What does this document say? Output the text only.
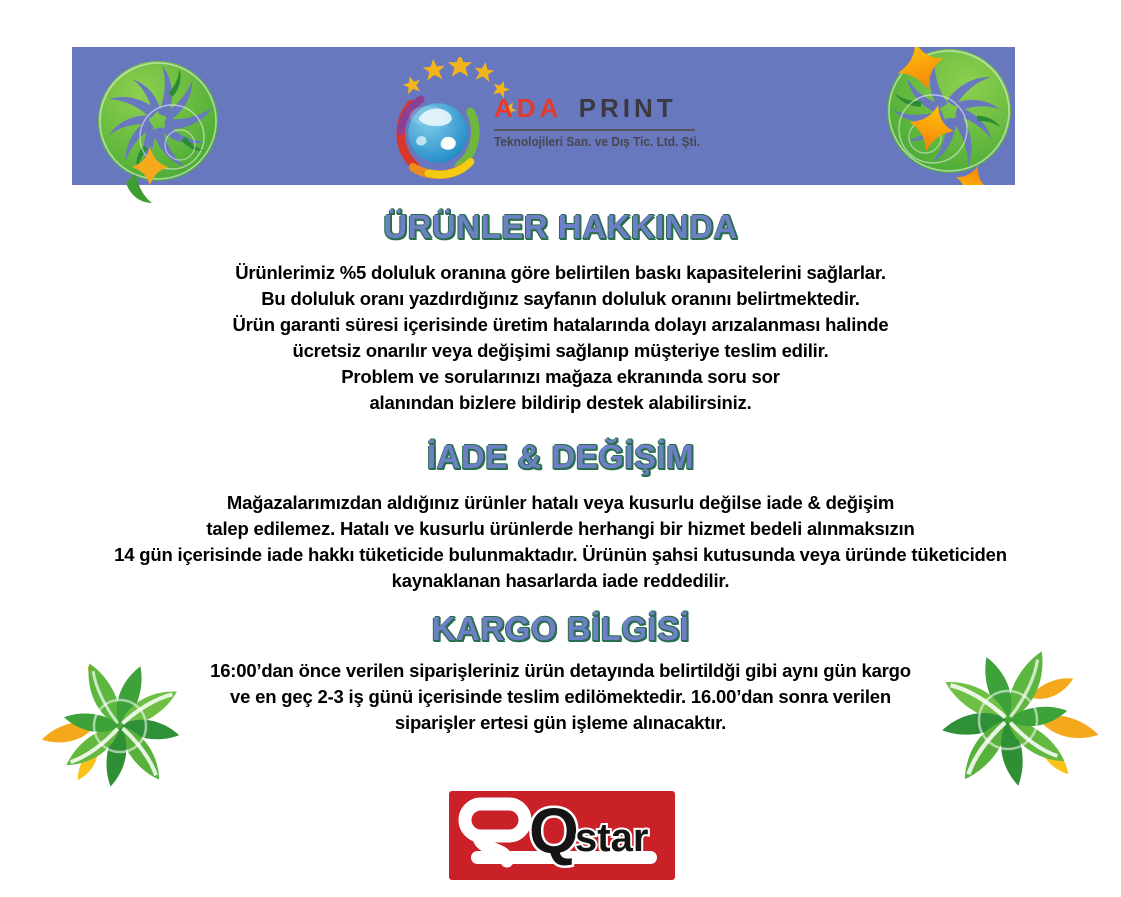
ADA PRINT
Teknolojileri San. ve Dış Tic. Ltd. Şti.
ÜRÜNLER HAKKINDA
Ürünlerimiz %5 doluluk oranına göre belirtilen baskı kapasitelerini sağlarlar.
Bu doluluk oranı yazdırdığınız sayfanın doluluk oranını belirtmektedir.
Ürün garanti süresi içerisinde üretim hatalarında dolayı arızalanması halinde
ücretsiz onarılır veya değişimi sağlanıp müşteriye teslim edilir.
Problem ve sorularınızı mağaza ekranında soru sor
alanından bizlere bildirip destek alabilirsiniz.
İADE & DEĞİŞİM
Mağazalarımızdan aldığınız ürünler hatalı veya kusurlu değilse iade & değişim
talep edilemez. Hatalı ve kusurlu ürünlerde herhangi bir hizmet bedeli alınmaksızın
14 gün içerisinde iade hakkı tüketicide bulunmaktadır. Ürünün şahsi kutusunda veya üründe tüketiciden
kaynaklanan hasarlarda iade reddedilir.
KARGO BİLGİSİ
16:00’dan önce verilen siparişleriniz ürün detayında belirtildği gibi aynı gün kargo
ve en geç 2-3 iş günü içerisinde teslim edilömektedir. 16.00’dan sonra verilen
siparişler ertesi gün işleme alınacaktır.
Q
star
